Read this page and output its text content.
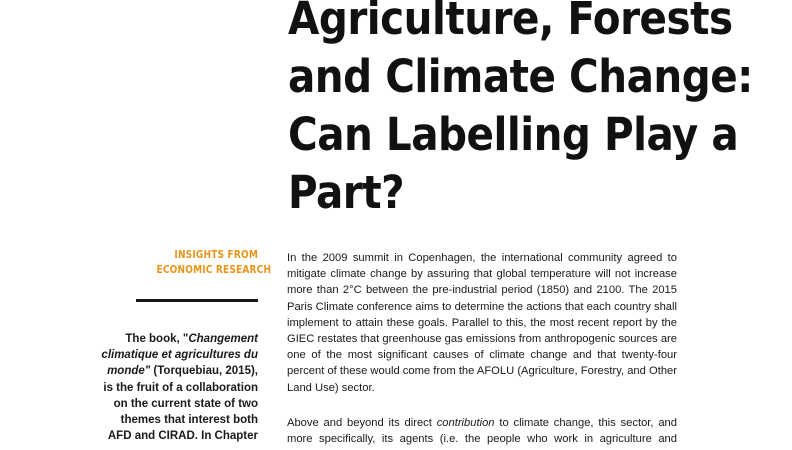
Agriculture, Forests
and Climate Change:
Can Labelling Play a
Part?
INSIGHTS FROM
ECONOMIC RESEARCH

The book, "Changement
climatique et agricultures du
monde" (Torquebiau, 2015),
is the fruit of a collaboration
on the current state of two
themes that interest both
AFD and CIRAD. In Chapter

In the 2009 summit in Copenhagen, the international community agreed to
mitigate climate change by assuring that global temperature will not increase
more than 2°C between the pre-industrial period (1850) and 2100. The 2015
Paris Climate conference aims to determine the actions that each country shall
implement to attain these goals. Parallel to this, the most recent report by the
GIEC restates that greenhouse gas emissions from anthropogenic sources are
one of the most significant causes of climate change and that twenty-four
percent of these would come from the AFOLU (Agriculture, Forestry, and Other
Land Use) sector.

Above and beyond its direct contribution to climate change, this sector, and
more specifically, its agents (i.e. the people who work in agriculture and
